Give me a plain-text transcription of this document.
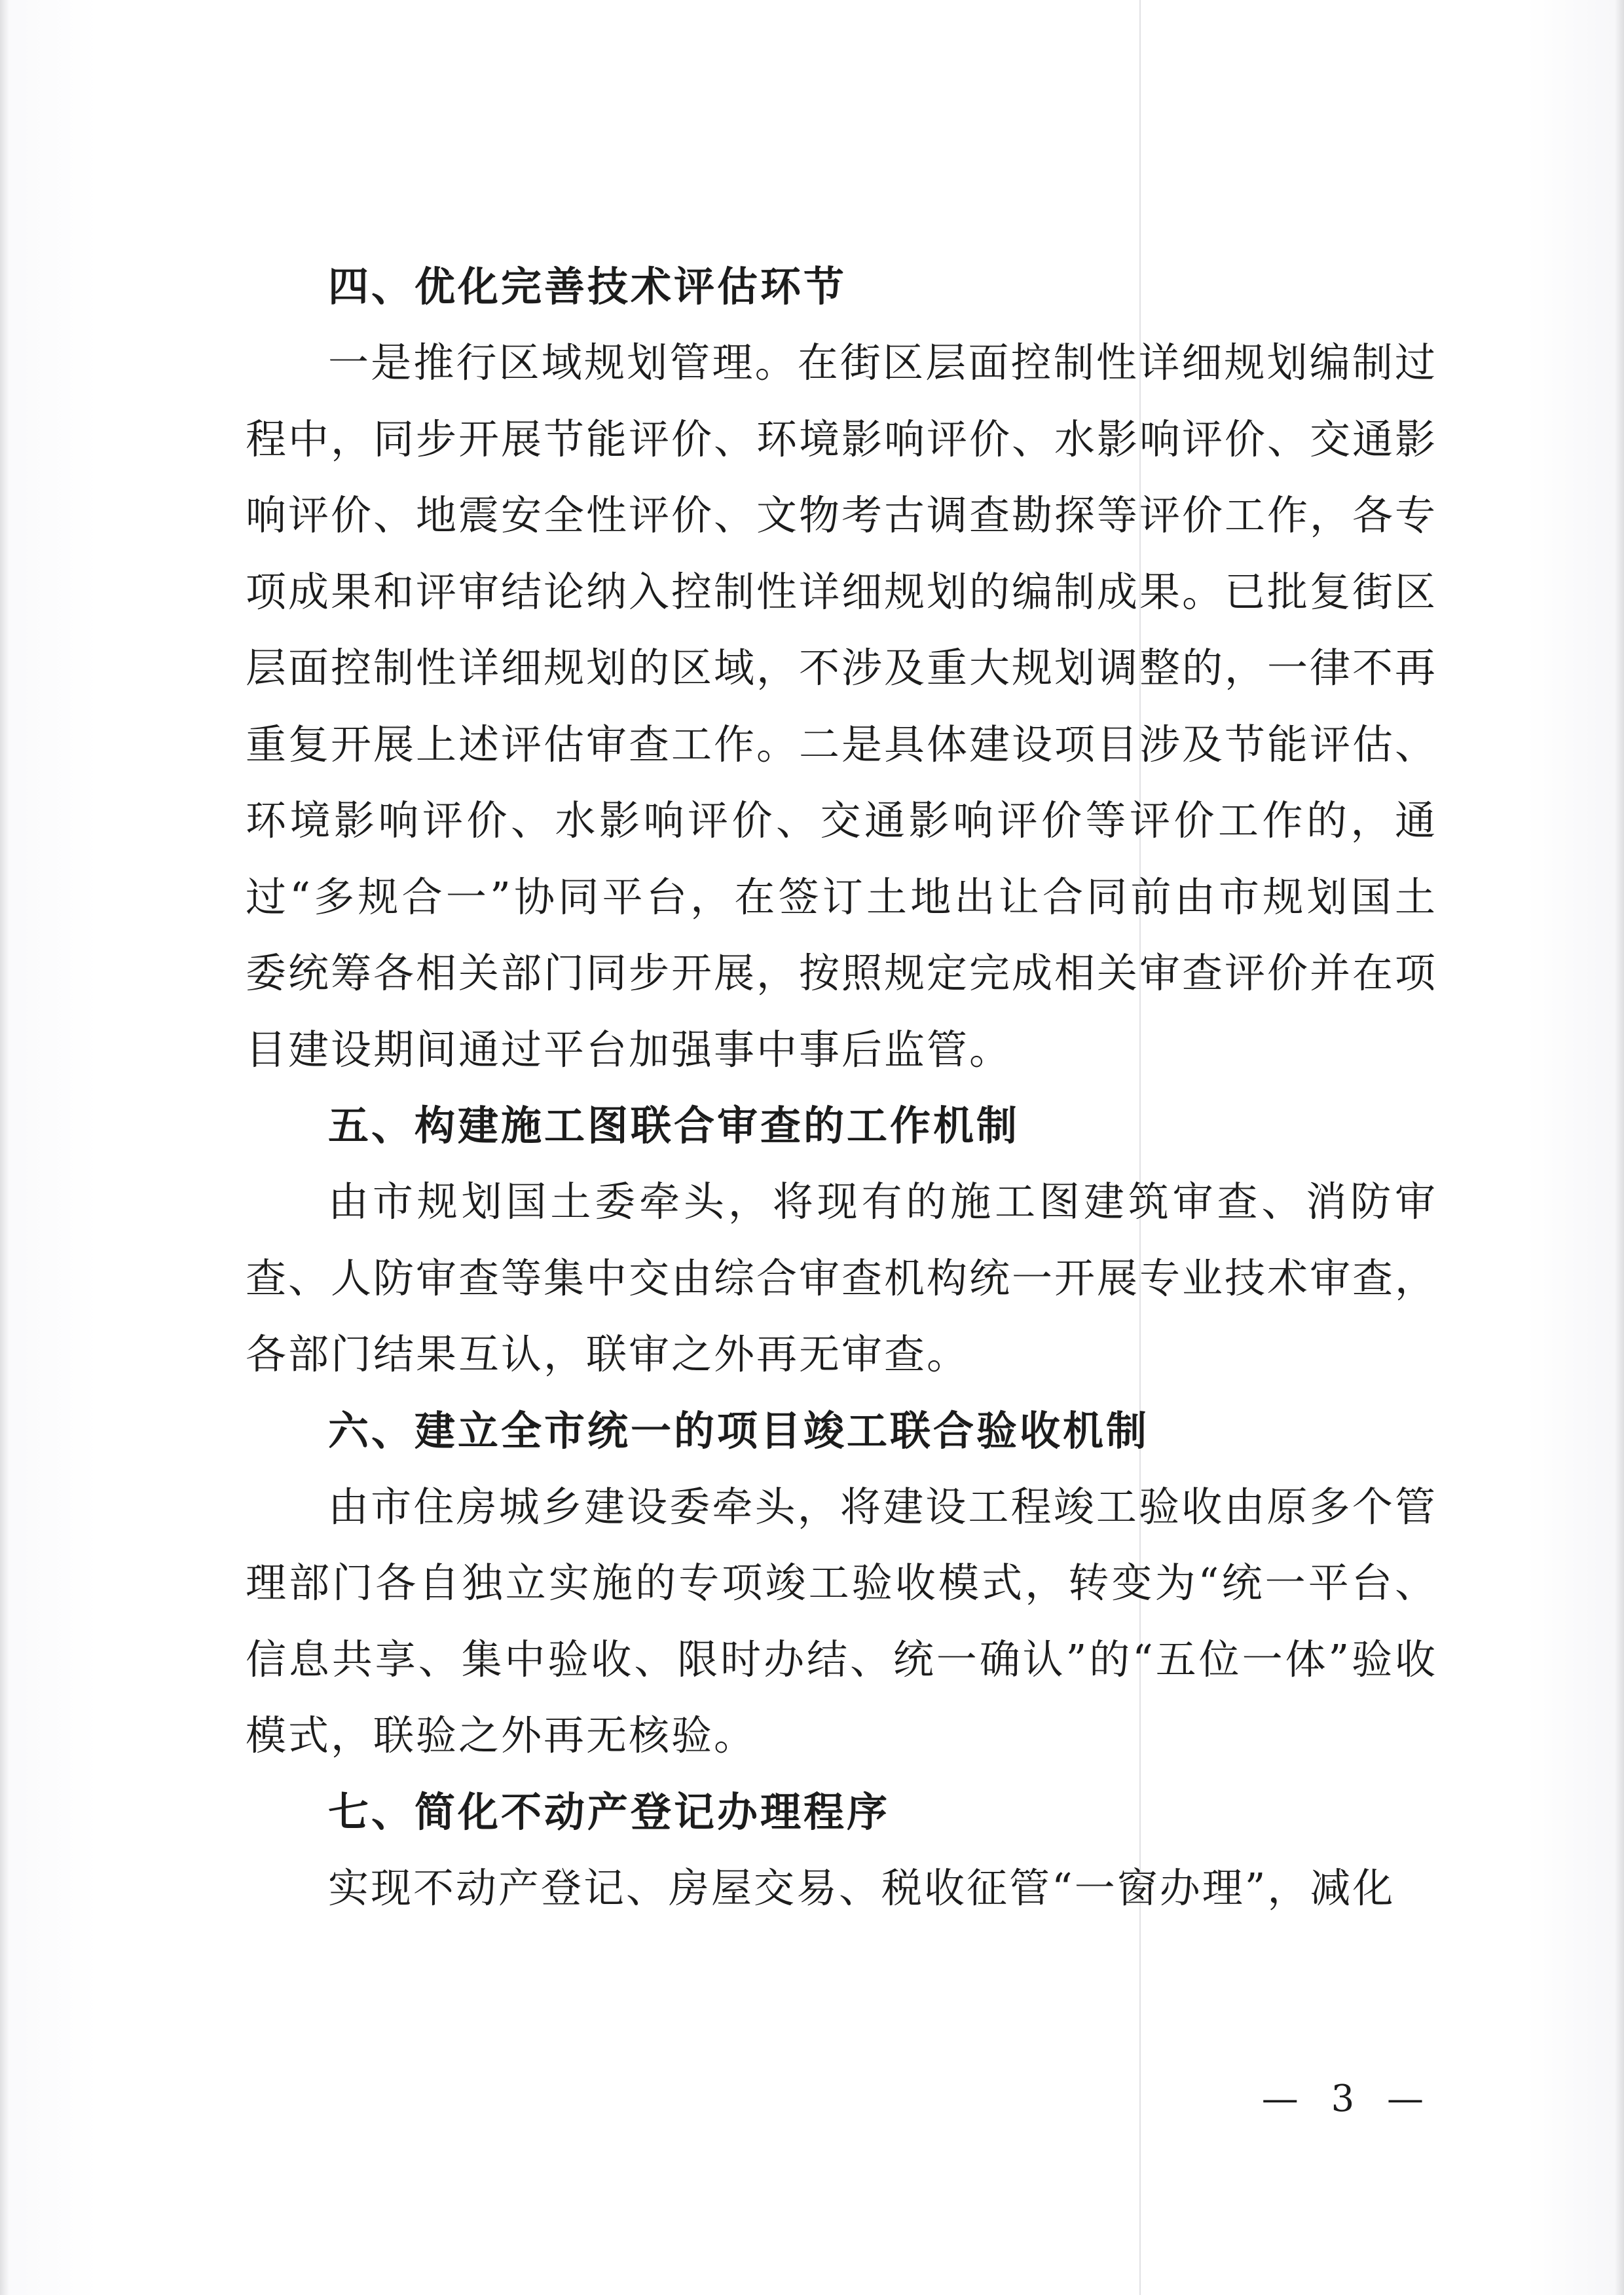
四、优化完善技术评估环节

一是推行区域规划管理。在街区层面控制性详细规划编制过程中，同步开展节能评价、环境影响评价、水影响评价、交通影响评价、地震安全性评价、文物考古调查勘探等评价工作，各专项成果和评审结论纳入控制性详细规划的编制成果。已批复街区层面控制性详细规划的区域，不涉及重大规划调整的，一律不再重复开展上述评估审查工作。二是具体建设项目涉及节能评估、环境影响评价、水影响评价、交通影响评价等评价工作的，通过“多规合一”协同平台，在签订土地出让合同前由市规划国土委统筹各相关部门同步开展，按照规定完成相关审查评价并在项目建设期间通过平台加强事中事后监管。

五、构建施工图联合审查的工作机制

由市规划国土委牵头，将现有的施工图建筑审查、消防审查、人防审查等集中交由综合审查机构统一开展专业技术审查，各部门结果互认，联审之外再无审查。

六、建立全市统一的项目竣工联合验收机制

由市住房城乡建设委牵头，将建设工程竣工验收由原多个管理部门各自独立实施的专项竣工验收模式，转变为“统一平台、信息共享、集中验收、限时办结、统一确认”的“五位一体”验收模式，联验之外再无核验。

七、简化不动产登记办理程序

实现不动产登记、房屋交易、税收征管“一窗办理”，减化

— 3 —
